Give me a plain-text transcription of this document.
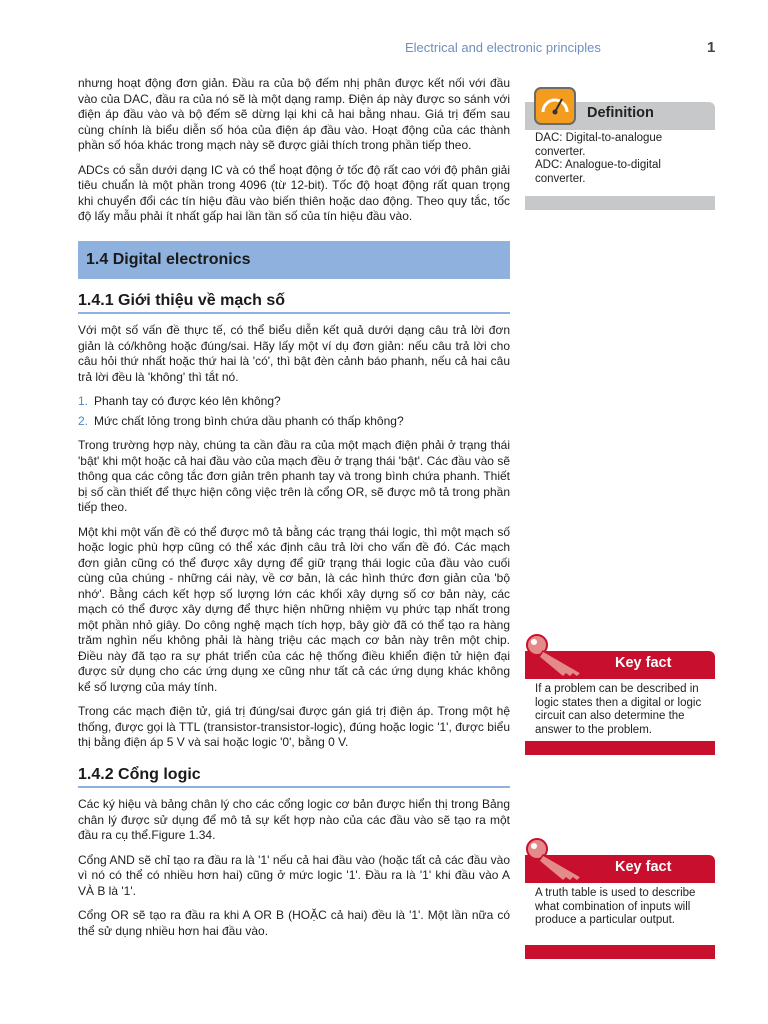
Electrical and electronic principles	1

nhưng hoạt động đơn giản. Đầu ra của bộ đếm nhị phân được kết nối với đầu vào của DAC, đầu ra của nó sẽ là một dạng ramp. Điện áp này được so sánh với điện áp đầu vào và bộ đếm sẽ dừng lại khi cả hai bằng nhau. Giá trị đếm sau cùng chính là biểu diễn số hóa của điện áp đầu vào. Hoạt động của các thành phần số hóa khác trong mạch này sẽ được giải thích trong phần tiếp theo.

ADCs có sẵn dưới dạng IC và có thể hoạt động ở tốc độ rất cao với độ phân giải tiêu chuẩn là một phần trong 4096 (từ 12-bit). Tốc độ hoạt động rất quan trọng khi chuyển đổi các tín hiệu đầu vào biến thiên hoặc dao động. Theo quy tắc, tốc độ lấy mẫu phải ít nhất gấp hai lần tần số của tín hiệu đầu vào.

1.4 Digital electronics
1.4.1 Giới thiệu về mạch số

Với một số vấn đề thực tế, có thể biểu diễn kết quả dưới dạng câu trả lời đơn giản là có/không hoặc đúng/sai. Hãy lấy một ví dụ đơn giản: nếu câu trả lời cho câu hỏi thứ nhất hoặc thứ hai là 'có', thì bật đèn cảnh báo phanh, nếu cả hai câu trả lời đều là 'không' thì tắt nó.

1. Phanh tay có được kéo lên không?
2. Mức chất lỏng trong bình chứa dầu phanh có thấp không?

Trong trường hợp này, chúng ta cần đầu ra của một mạch điện phải ở trạng thái 'bật' khi một hoặc cả hai đầu vào của mạch đều ở trạng thái 'bật'. Các đầu vào sẽ thông qua các công tắc đơn giản trên phanh tay và trong bình chứa phanh. Thiết bị số cần thiết để thực hiện công việc trên là cổng OR, sẽ được mô tả trong phần tiếp theo.

Một khi một vấn đề có thể được mô tả bằng các trạng thái logic, thì một mạch số hoặc logic phù hợp cũng có thể xác định câu trả lời cho vấn đề đó. Các mạch đơn giản cũng có thể được xây dựng để giữ trạng thái logic của đầu vào cuối cùng của chúng - những cái này, về cơ bản, là các hình thức đơn giản của 'bộ nhớ'. Bằng cách kết hợp số lượng lớn các khối xây dựng số cơ bản này, các mạch có thể được xây dựng để thực hiện những nhiệm vụ phức tạp nhất trong một phần nhỏ giây. Do công nghệ mạch tích hợp, bây giờ đã có thể tạo ra hàng trăm nghìn nếu không phải là hàng triệu các mạch cơ bản này trên một chip. Điều này đã tạo ra sự phát triển của các hệ thống điều khiển điện tử hiện đại được sử dụng cho các ứng dụng xe cũng như tất cả các ứng dụng khác không kể số lượng của máy tính.

Trong các mạch điện tử, giá trị đúng/sai được gán giá trị điện áp. Trong một hệ thống, được gọi là TTL (transistor-transistor-logic), đúng hoặc logic '1', được biểu thị bằng điện áp 5 V và sai hoặc logic '0', bằng 0 V.

1.4.2 Cổng logic

Các ký hiệu và bảng chân lý cho các cổng logic cơ bản được hiển thị trong Bảng chân lý được sử dụng để mô tả sự kết hợp nào của các đầu vào sẽ tạo ra một đầu ra cụ thể.Figure 1.34.

Cổng AND sẽ chỉ tạo ra đầu ra là '1' nếu cả hai đầu vào (hoặc tất cả các đầu vào vì nó có thể có nhiều hơn hai) cũng ở mức logic '1'. Đầu ra là '1' khi đầu vào A VÀ B là '1'.

Cổng OR sẽ tạo ra đầu ra khi A OR B (HOẶC cả hai) đều là '1'. Một lần nữa có thể sử dụng nhiều hơn hai đầu vào.

Definition
DAC: Digital-to-analogue converter.
ADC: Analogue-to-digital converter.
Key fact
If a problem can be described in logic states then a digital or logic circuit can also determine the answer to the problem.
Key fact
A truth table is used to describe what combination of inputs will produce a particular output.
